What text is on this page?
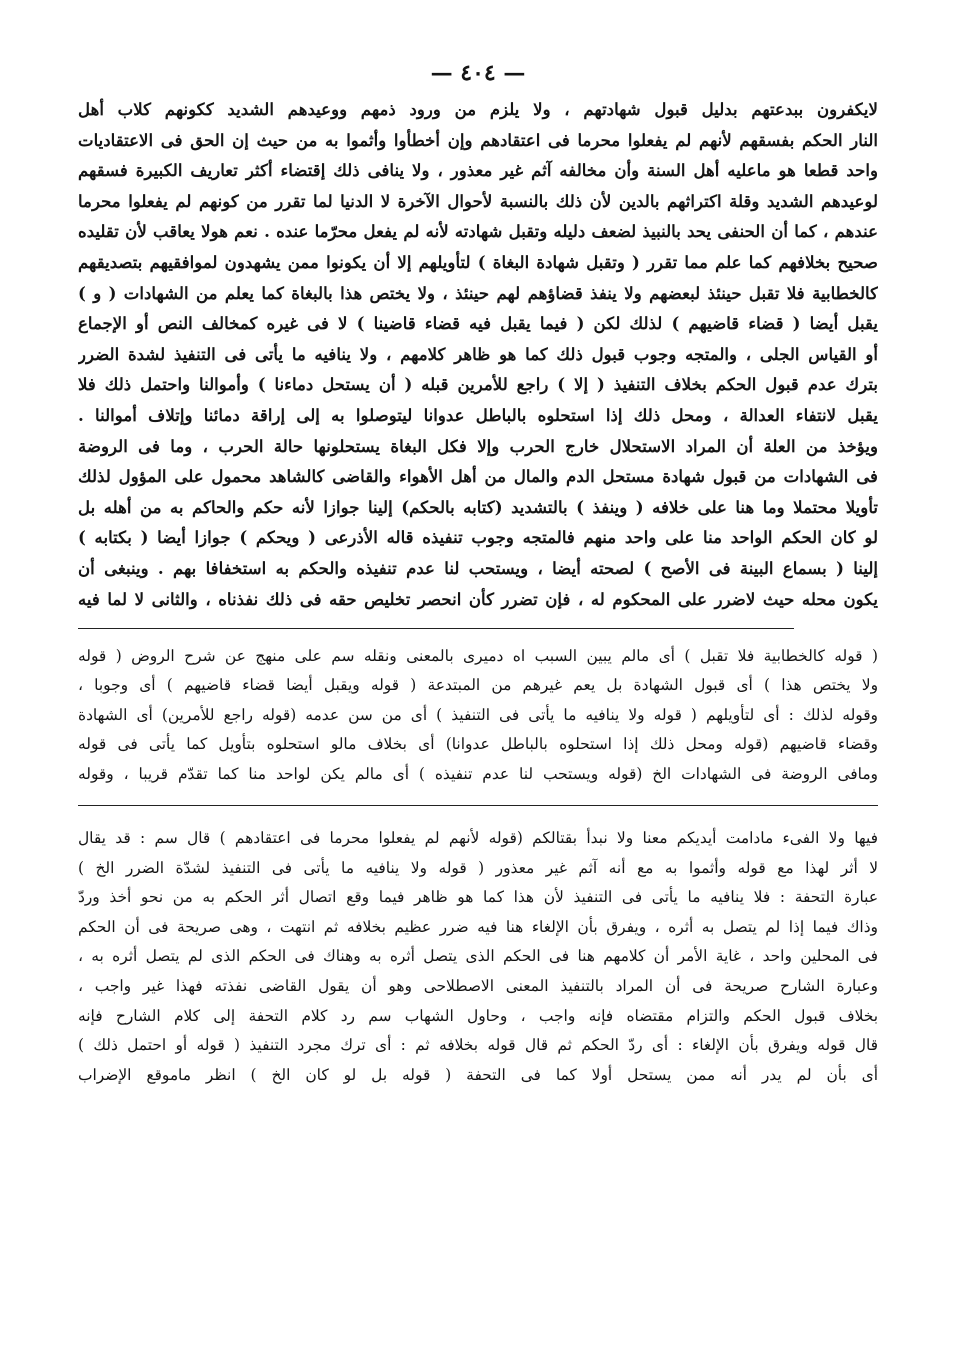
— ٤٠٤ —
لايكفرون ببدعتهم بدليل قبول شهادتهم ، ولا يلزم من ورود ذمهم ووعيدهم الشديد ككونهم كلاب أهل
النار الحكم بفسقهم لأنهم لم يفعلوا محرما فى اعتقادهم وإن أخطأوا وأثموا به من حيث إن الحق فى الاعتقاديات
واحد قطعا هو ماعليه أهل السنة وأن مخالفه آثم غير معذور ، ولا ينافى ذلك إقتضاء أكثر تعاريف الكبيرة فسقهم
لوعيدهم الشديد وقلة اكتراثهم بالدين لأن ذلك بالنسبة لأحوال الآخرة لا الدنيا لما تقرر من كونهم لم يفعلوا محرما
عندهم ، كما أن الحنفى يحد بالنبيذ لضعف دليله وتقبل شهادته لأنه لم يفعل محرّما عنده . نعم هولا يعاقب لأن تقليده
صحيح بخلافهم كما علم مما تقرر ( وتقبل شهادة البغاة ) لتأويلهم إلا أن يكونوا ممن يشهدون لموافقيهم بتصديقهم
كالخطابية فلا تقبل حينئذ لبعضهم ولا ينفذ قضاؤهم لهم حينئذ ، ولا يختص هذا بالبغاة كما يعلم من الشهادات ( و )
يقبل أيضا ( قضاء قاضيهم ) لذلك لكن ( فيما يقبل فيه قضاء قاضينا ) لا فى غيره كمخالف النص أو الإجماع
أو القياس الجلى ، والمتجه وجوب قبول ذلك كما هو ظاهر كلامهم ، ولا ينافيه ما يأتى فى التنفيذ لشدة الضرر
بترك عدم قبول الحكم بخلاف التنفيذ ( إلا ) راجع للأمرين قبله ( أن يستحل دماءنا ) وأموالنا واحتمل ذلك فلا
يقبل لانتفاء العدالة ، ومحل ذلك إذا استحلوه بالباطل عدوانا ليتوصلوا به إلى إراقة دمائنا وإتلاف أموالنا .
ويؤخذ من العلة أن المراد الاستحلال خارج الحرب وإلا فكل البغاة يستحلونها حالة الحرب ، وما فى الروضة
فى الشهادات من قبول شهادة مستحل الدم والمال من أهل الأهواء والقاضى كالشاهد محمول على المؤول لذلك
تأويلا محتملا وما هنا على خلافه ( وينفذ ) بالتشديد (كتابه بالحكم) إلينا جوازا لأنه حكم والحاكم به من أهله بل
لو كان الحكم الواحد منا على واحد منهم فالمتجه وجوب تنفيذه قاله الأذرعى ( ويحكم ) جوازا أيضا ( بكتابه )
إلينا ( بسماع البينة فى الأصح ) لصحته أيضا ، ويستحب لنا عدم تنفيذه والحكم به استخفافا بهم . وينبغى أن
يكون محله حيث لاضرر على المحكوم له ، فإن تضرر كأن انحصر تخليص حقه فى ذلك نفذناه ، والثانى لا لما فيه
( قوله كالخطابية فلا تقبل ) أى مالم يبين السبب اه دميرى بالمعنى ونقله سم على منهج عن شرح الروض ( قوله
ولا يختص هذا ) أى قبول الشهادة بل يعم غيرهم من المبتدعة ( قوله ويقبل أيضا قضاء قاضيهم ) أى وجوبا ،
وقوله لذلك : أى لتأويلهم ( قوله ولا ينافيه ما يأتى فى التنفيذ ) أى من سن عدمه (قوله راجع للأمرين) أى الشهادة
وقضاء قاضيهم (قوله ومحل ذلك إذا استحلوه بالباطل عدوانا) أى بخلاف مالو استحلوه بتأويل كما يأتى فى قوله
ومافى الروضة فى الشهادات الخ (قوله ويستحب لنا عدم تنفيذه ) أى مالم يكن لواحد منا كما تقدّم قريبا ، وقوله
فيها ولا الفىء مادامت أيديكم معنا ولا نبدأ بقتالكم (قوله لأنهم لم يفعلوا محرما فى اعتقادهم ) قال سم : قد يقال
لا أثر لهذا مع قوله وأثموا به مع أنه آثم غير معذور ( قوله ولا ينافيه ما يأتى فى التنفيذ لشدّة الضرر الخ )
عبارة التحفة : فلا ينافيه ما يأتى فى التنفيذ لأن هذا كما هو ظاهر فيما وقع اتصال أثر الحكم به من نحو أخذ وردّ
وذاك فيما إذا لم يتصل به أثره ، ويفرق بأن الإلغاء هنا فيه ضرر عظيم بخلافه ثم انتهت ، وهى صريحة فى أن الحكم
فى المحلين واحد ، غاية الأمر أن كلامهم هنا فى الحكم الذى يتصل أثره به وهناك فى الحكم الذى لم يتصل أثره به ،
وعبارة الشارح صريحة فى أن المراد بالتنفيذ المعنى الاصطلاحى وهو أن يقول القاضى نفذته فهذا غير واجب ،
بخلاف قبول الحكم والتزام مقتضاه فإنه واجب ، وحاول الشهاب سم رد كلام التحفة إلى كلام الشارح فإنه
قال قوله ويفرق بأن الإلغاء : أى ردّ الحكم ثم قال قوله بخلافه ثم : أى ترك مجرد التنفيذ ( قوله أو احتمل ذلك )
أى بأن لم يدر أنه ممن يستحل أولا كما فى التحفة ( قوله بل لو كان الخ ) انظر ماموقع الإضراب
